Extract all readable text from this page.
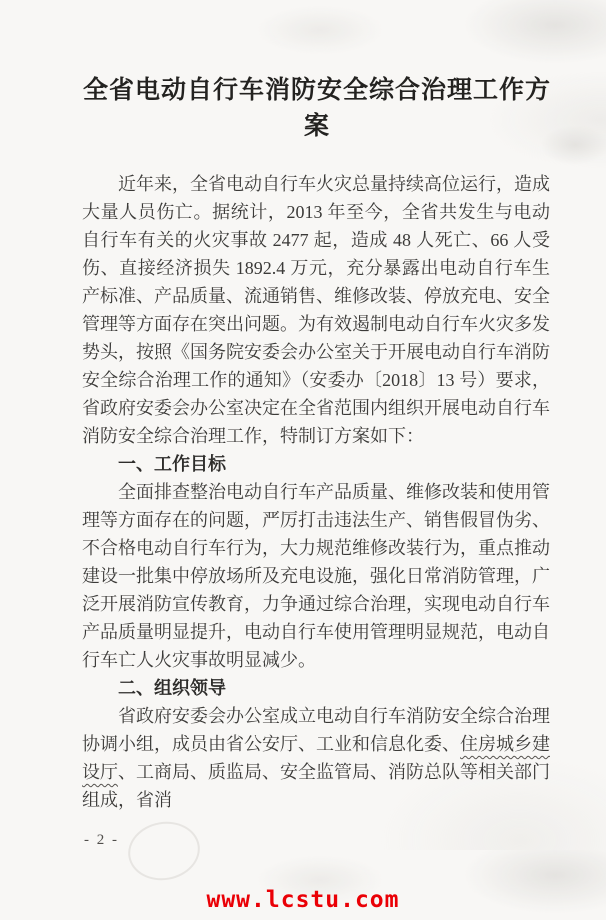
全省电动自行车消防安全综合治理工作方案

近年来，全省电动自行车火灾总量持续高位运行，造成大量人员伤亡。据统计，2013 年至今，全省共发生与电动自行车有关的火灾事故 2477 起，造成 48 人死亡、66 人受伤、直接经济损失 1892.4 万元，充分暴露出电动自行车生产标准、产品质量、流通销售、维修改装、停放充电、安全管理等方面存在突出问题。为有效遏制电动自行车火灾多发势头，按照《国务院安委会办公室关于开展电动自行车消防安全综合治理工作的通知》（安委办〔2018〕13 号）要求，省政府安委会办公室决定在全省范围内组织开展电动自行车消防安全综合治理工作，特制订方案如下：

一、工作目标

全面排查整治电动自行车产品质量、维修改装和使用管理等方面存在的问题，严厉打击违法生产、销售假冒伪劣、不合格电动自行车行为，大力规范维修改装行为，重点推动建设一批集中停放场所及充电设施，强化日常消防管理，广泛开展消防宣传教育，力争通过综合治理，实现电动自行车产品质量明显提升，电动自行车使用管理明显规范，电动自行车亡人火灾事故明显减少。

二、组织领导

省政府安委会办公室成立电动自行车消防安全综合治理协调小组，成员由省公安厅、工业和信息化委、住房城乡建设厅、工商局、质监局、安全监管局、消防总队等相关部门组成，省消

- 2 -
www.lcstu.com
